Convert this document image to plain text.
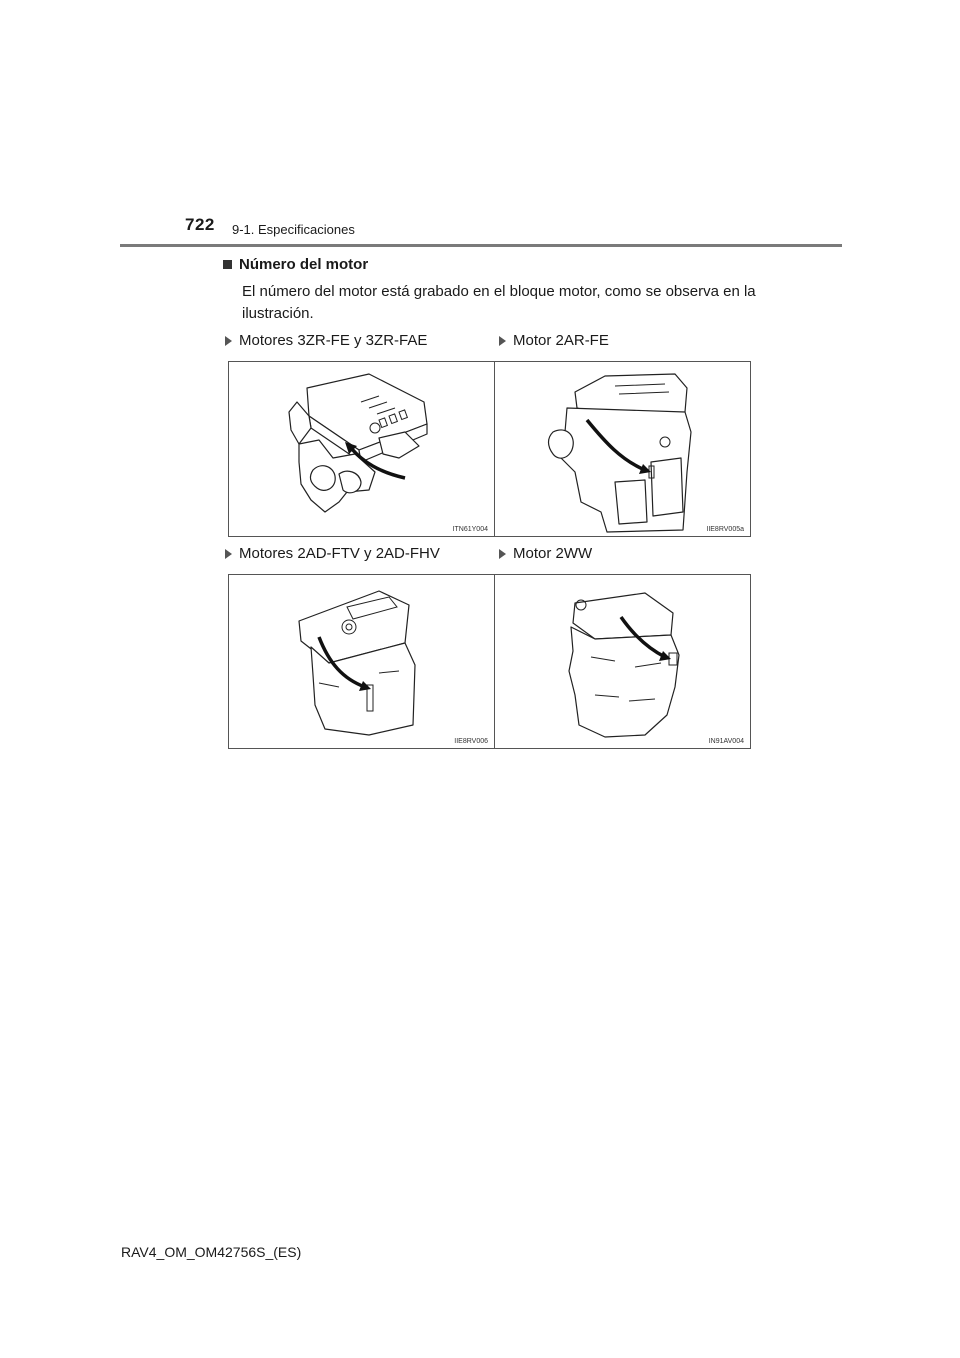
722 9-1. Especificaciones
Número del motor
El número del motor está grabado en el bloque motor, como se observa en la ilustración.
Motores 3ZR-FE y 3ZR-FAE
ITN61Y004
Motor 2AR-FE
IIE8RV005a
Motores 2AD-FTV y 2AD-FHV
IIE8RV006
Motor 2WW
IN91AV004
RAV4_OM_OM42756S_(ES)
